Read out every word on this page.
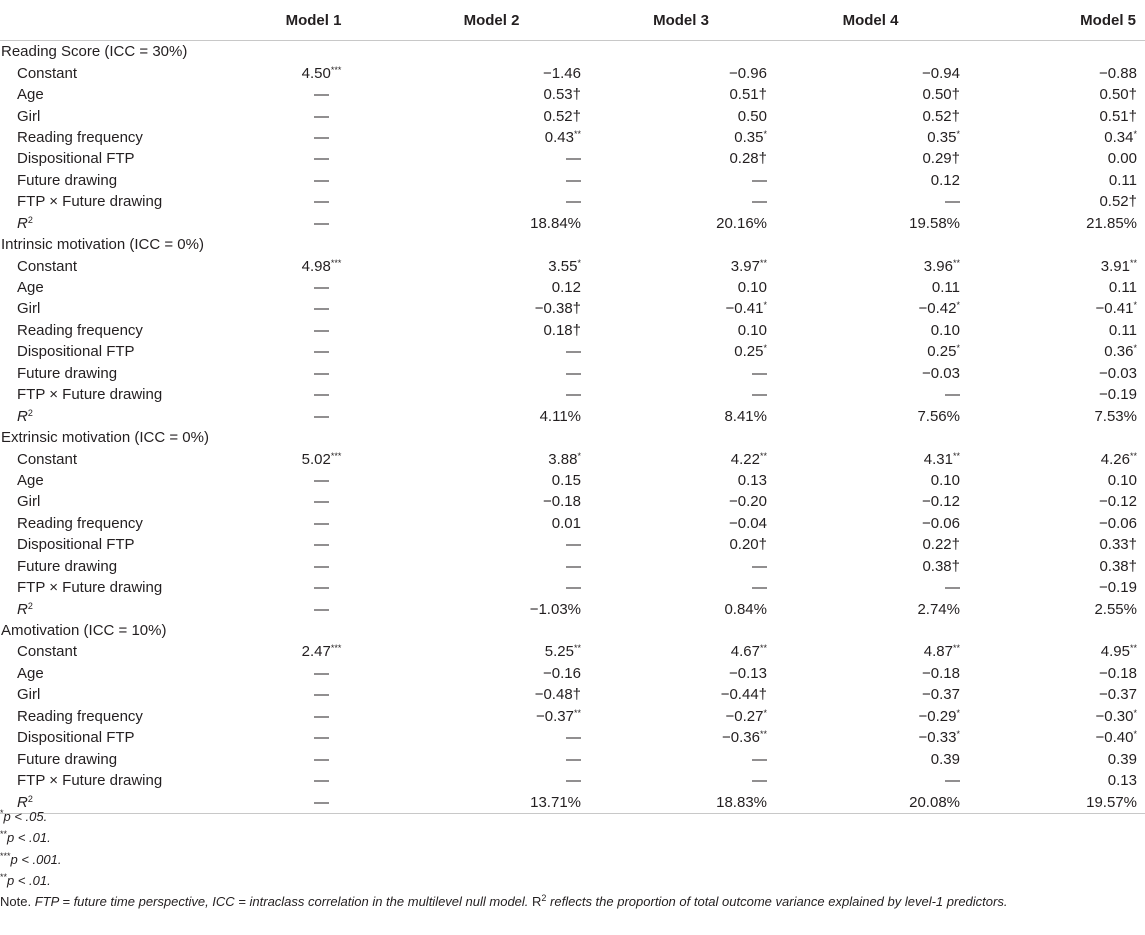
	Model 1	Model 2	Model 3	Model 4	Model 5
Reading Score (ICC = 30%)					
Constant	4.50***	−1.46	−0.96	−0.94	−0.88
Age	—	0.53†	0.51†	0.50†	0.50†
Girl	—	0.52†	0.50	0.52†	0.51†
Reading frequency	—	0.43**	0.35*	0.35*	0.34*
Dispositional FTP	—	—	0.28†	0.29†	0.00
Future drawing	—	—	—	0.12	0.11
FTP × Future drawing	—	—	—	—	0.52†
$R^2$	—	18.84%	20.16%	19.58%	21.85%
Intrinsic motivation (ICC = 0%)					
Constant	4.98***	3.55*	3.97**	3.96**	3.91**
Age	—	0.12	0.10	0.11	0.11
Girl	—	−0.38†	−0.41*	−0.42*	−0.41*
Reading frequency	—	0.18†	0.10	0.10	0.11
Dispositional FTP	—	—	0.25*	0.25*	0.36*
Future drawing	—	—	—	−0.03	−0.03
FTP × Future drawing	—	—	—	—	−0.19
$R^2$	—	4.11%	8.41%	7.56%	7.53%
Extrinsic motivation (ICC = 0%)					
Constant	5.02***	3.88*	4.22**	4.31**	4.26**
Age	—	0.15	0.13	0.10	0.10
Girl	—	−0.18	−0.20	−0.12	−0.12
Reading frequency	—	0.01	−0.04	−0.06	−0.06
Dispositional FTP	—	—	0.20†	0.22†	0.33†
Future drawing	—	—	—	0.38†	0.38†
FTP × Future drawing	—	—	—	—	−0.19
$R^2$	—	−1.03%	0.84%	2.74%	2.55%
Amotivation (ICC = 10%)					
Constant	2.47***	5.25**	4.67**	4.87**	4.95**
Age	—	−0.16	−0.13	−0.18	−0.18
Girl	—	−0.48†	−0.44†	−0.37	−0.37
Reading frequency	—	−0.37**	−0.27*	−0.29*	−0.30*
Dispositional FTP	—	—	−0.36**	−0.33*	−0.40*
Future drawing	—	—	—	0.39	0.39
FTP × Future drawing	—	—	—	—	0.13
$R^2$	—	13.71%	18.83%	20.08%	19.57%

*p < .05.

**p < .01.

***p < .001.

**p < .01.

Note. FTP = future time perspective, ICC = intraclass correlation in the multilevel null model. $R^2$ reflects the proportion of total outcome variance explained by level-1 predictors.
